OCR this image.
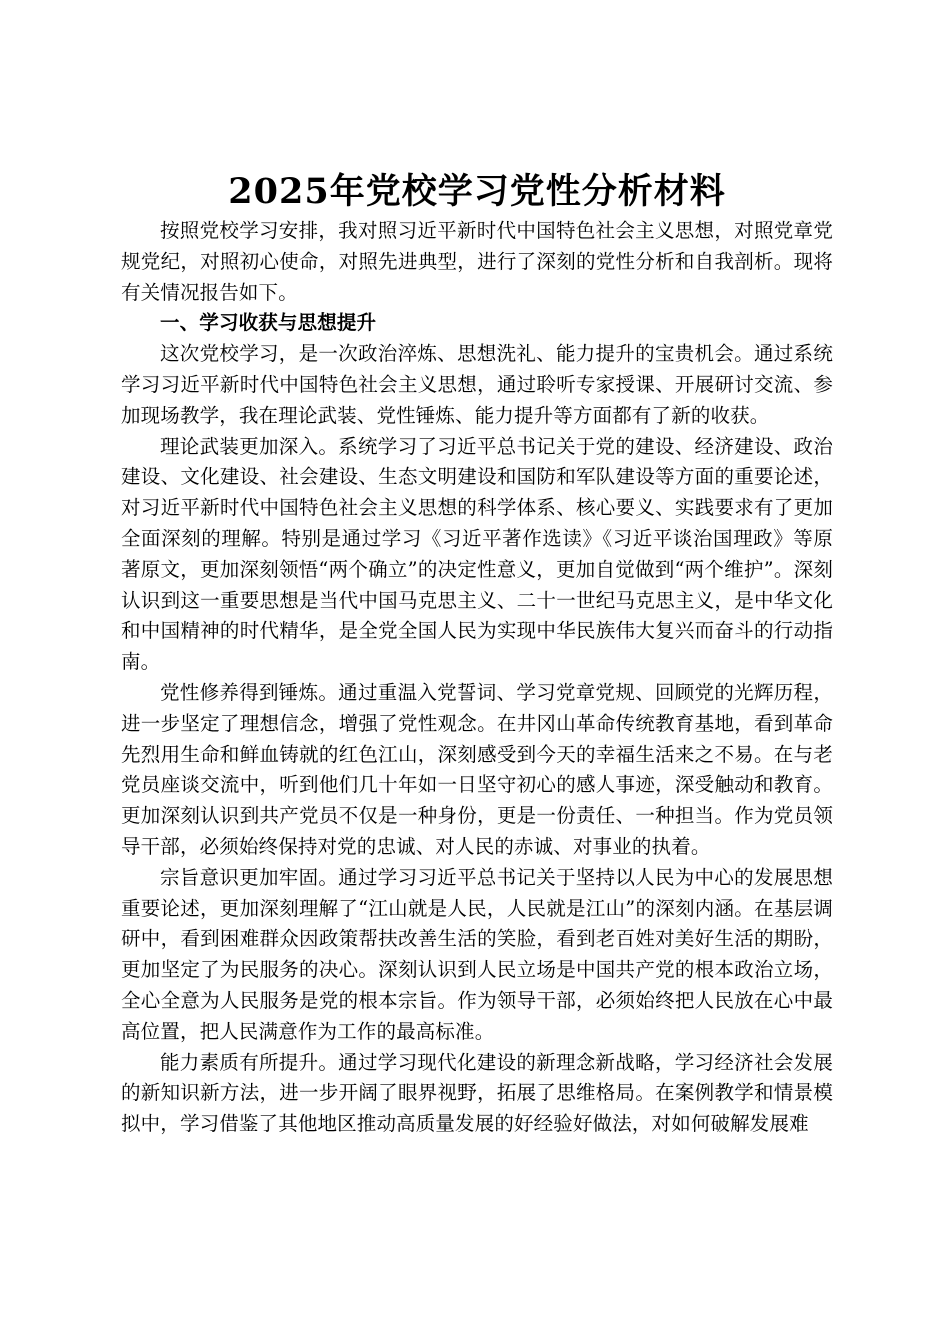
2025年党校学习党性分析材料

按照党校学习安排，我对照习近平新时代中国特色社会主义思想，对照党章党规党纪，对照初心使命，对照先进典型，进行了深刻的党性分析和自我剖析。现将有关情况报告如下。

一、学习收获与思想提升

这次党校学习，是一次政治淬炼、思想洗礼、能力提升的宝贵机会。通过系统学习习近平新时代中国特色社会主义思想，通过聆听专家授课、开展研讨交流、参加现场教学，我在理论武装、党性锤炼、能力提升等方面都有了新的收获。

理论武装更加深入。系统学习了习近平总书记关于党的建设、经济建设、政治建设、文化建设、社会建设、生态文明建设和国防和军队建设等方面的重要论述，对习近平新时代中国特色社会主义思想的科学体系、核心要义、实践要求有了更加全面深刻的理解。特别是通过学习《习近平著作选读》《习近平谈治国理政》等原著原文，更加深刻领悟“两个确立”的决定性意义，更加自觉做到“两个维护”。深刻认识到这一重要思想是当代中国马克思主义、二十一世纪马克思主义，是中华文化和中国精神的时代精华，是全党全国人民为实现中华民族伟大复兴而奋斗的行动指南。

党性修养得到锤炼。通过重温入党誓词、学习党章党规、回顾党的光辉历程，进一步坚定了理想信念，增强了党性观念。在井冈山革命传统教育基地，看到革命先烈用生命和鲜血铸就的红色江山，深刻感受到今天的幸福生活来之不易。在与老党员座谈交流中，听到他们几十年如一日坚守初心的感人事迹，深受触动和教育。更加深刻认识到共产党员不仅是一种身份，更是一份责任、一种担当。作为党员领导干部，必须始终保持对党的忠诚、对人民的赤诚、对事业的执着。

宗旨意识更加牢固。通过学习习近平总书记关于坚持以人民为中心的发展思想重要论述，更加深刻理解了“江山就是人民，人民就是江山”的深刻内涵。在基层调研中，看到困难群众因政策帮扶改善生活的笑脸，看到老百姓对美好生活的期盼，更加坚定了为民服务的决心。深刻认识到人民立场是中国共产党的根本政治立场，全心全意为人民服务是党的根本宗旨。作为领导干部，必须始终把人民放在心中最高位置，把人民满意作为工作的最高标准。

能力素质有所提升。通过学习现代化建设的新理念新战略，学习经济社会发展的新知识新方法，进一步开阔了眼界视野，拓展了思维格局。在案例教学和情景模拟中，学习借鉴了其他地区推动高质量发展的好经验好做法，对如何破解发展难
